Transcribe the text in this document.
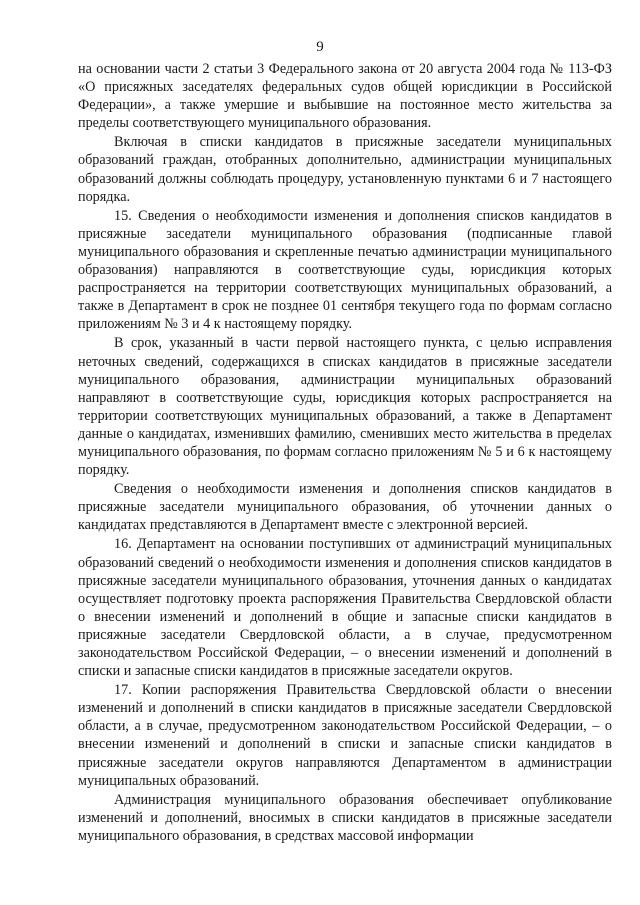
9

на основании части 2 статьи 3 Федерального закона от 20 августа 2004 года № 113-ФЗ «О присяжных заседателях федеральных судов общей юрисдикции в Российской Федерации», а также умершие и выбывшие на постоянное место жительства за пределы соответствующего муниципального образования.

Включая в списки кандидатов в присяжные заседатели муниципальных образований граждан, отобранных дополнительно, администрации муниципальных образований должны соблюдать процедуру, установленную пунктами 6 и 7 настоящего порядка.

15. Сведения о необходимости изменения и дополнения списков кандидатов в присяжные заседатели муниципального образования (подписанные главой муниципального образования и скрепленные печатью администрации муниципального образования) направляются в соответствующие суды, юрисдикция которых распространяется на территории соответствующих муниципальных образований, а также в Департамент в срок не позднее 01 сентября текущего года по формам согласно приложениям № 3 и 4 к настоящему порядку.

В срок, указанный в части первой настоящего пункта, с целью исправления неточных сведений, содержащихся в списках кандидатов в присяжные заседатели муниципального образования, администрации муниципальных образований направляют в соответствующие суды, юрисдикция которых распространяется на территории соответствующих муниципальных образований, а также в Департамент данные о кандидатах, изменивших фамилию, сменивших место жительства в пределах муниципального образования, по формам согласно приложениям № 5 и 6 к настоящему порядку.

Сведения о необходимости изменения и дополнения списков кандидатов в присяжные заседатели муниципального образования, об уточнении данных о кандидатах представляются в Департамент вместе с электронной версией.

16. Департамент на основании поступивших от администраций муниципальных образований сведений о необходимости изменения и дополнения списков кандидатов в присяжные заседатели муниципального образования, уточнения данных о кандидатах осуществляет подготовку проекта распоряжения Правительства Свердловской области о внесении изменений и дополнений в общие и запасные списки кандидатов в присяжные заседатели Свердловской области, а в случае, предусмотренном законодательством Российской Федерации, – о внесении изменений и дополнений в списки и запасные списки кандидатов в присяжные заседатели округов.

17. Копии распоряжения Правительства Свердловской области о внесении изменений и дополнений в списки кандидатов в присяжные заседатели Свердловской области, а в случае, предусмотренном законодательством Российской Федерации, – о внесении изменений и дополнений в списки и запасные списки кандидатов в присяжные заседатели округов направляются Департаментом в администрации муниципальных образований.

Администрация муниципального образования обеспечивает опубликование изменений и дополнений, вносимых в списки кандидатов в присяжные заседатели муниципального образования, в средствах массовой информации
